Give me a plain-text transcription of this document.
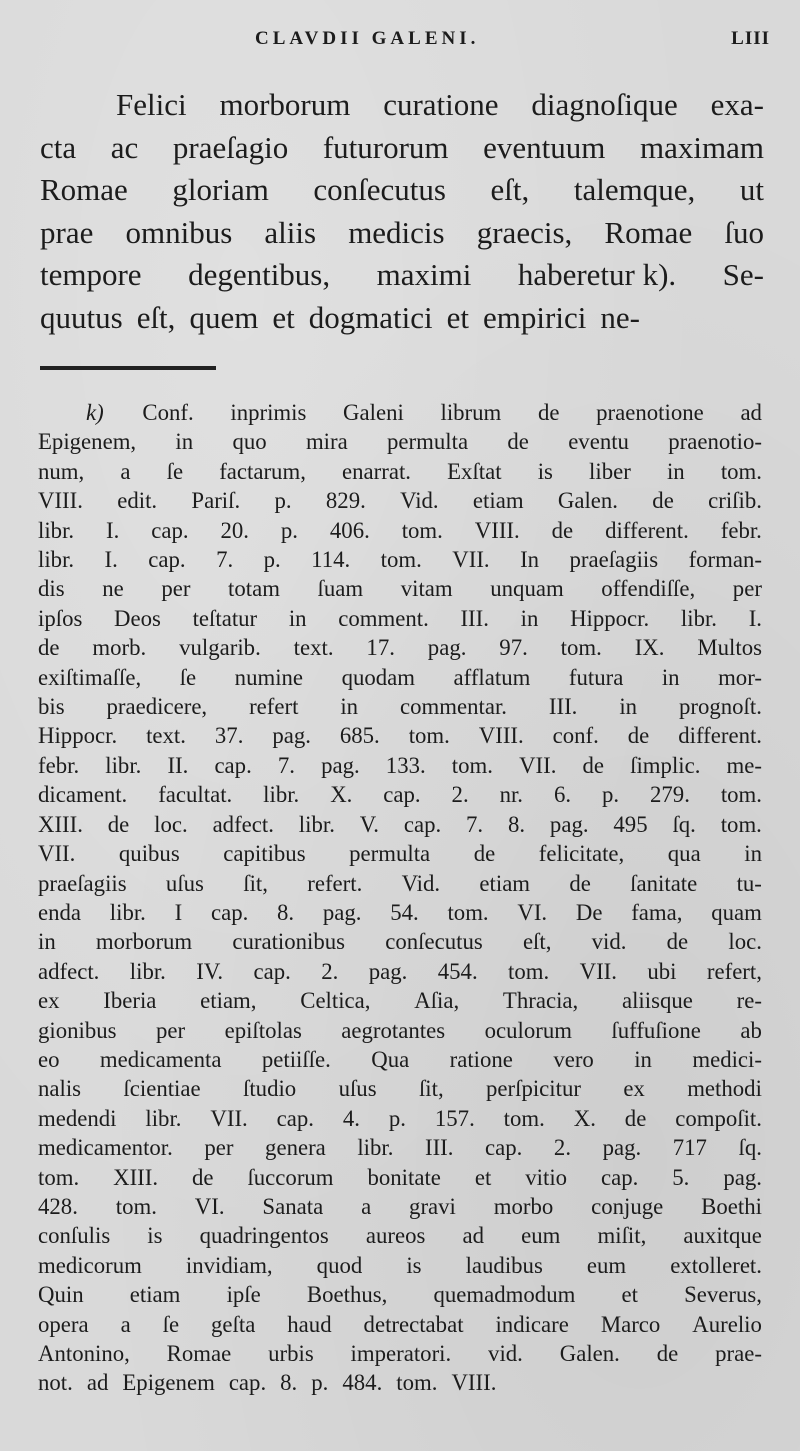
CLAVDII GALENI.	LIII
Felici morborum curatione diagnoſique exa-
cta ac praeſagio futurorum eventuum maximam
Romae gloriam conſecutus eſt, talemque, ut
prae omnibus aliis medicis graecis, Romae ſuo
tempore degentibus, maximi haberetur k). Se-
quutus eſt, quem et dogmatici et empirici ne-
k) Conf. inprimis Galeni librum de praenotione ad
Epigenem, in quo mira permulta de eventu praenotio-
num, a ſe factarum, enarrat. Exſtat is liber in tom.
VIII. edit. Pariſ. p. 829. Vid. etiam Galen. de criſib.
libr. I. cap. 20. p. 406. tom. VIII. de different. febr.
libr. I. cap. 7. p. 114. tom. VII. In praeſagiis forman-
dis ne per totam ſuam vitam unquam offendiſſe, per
ipſos Deos teſtatur in comment. III. in Hippocr. libr. I.
de morb. vulgarib. text. 17. pag. 97. tom. IX. Multos
exiſtimaſſe, ſe numine quodam afflatum futura in mor-
bis praedicere, refert in commentar. III. in prognoſt.
Hippocr. text. 37. pag. 685. tom. VIII. conf. de different.
febr. libr. II. cap. 7. pag. 133. tom. VII. de ſimplic. me-
dicament. facultat. libr. X. cap. 2. nr. 6. p. 279. tom.
XIII. de loc. adfect. libr. V. cap. 7. 8. pag. 495 ſq. tom.
VII. quibus capitibus permulta de felicitate, qua in
praeſagiis uſus ſit, refert. Vid. etiam de ſanitate tu-
enda libr. I cap. 8. pag. 54. tom. VI. De fama, quam
in morborum curationibus conſecutus eſt, vid. de loc.
adfect. libr. IV. cap. 2. pag. 454. tom. VII. ubi refert,
ex Iberia etiam, Celtica, Aſia, Thracia, aliisque re-
gionibus per epiſtolas aegrotantes oculorum ſuffuſione ab
eo medicamenta petiiſſe. Qua ratione vero in medici-
nalis ſcientiae ſtudio uſus ſit, perſpicitur ex methodi
medendi libr. VII. cap. 4. p. 157. tom. X. de compoſit.
medicamentor. per genera libr. III. cap. 2. pag. 717 ſq.
tom. XIII. de ſuccorum bonitate et vitio cap. 5. pag.
428. tom. VI. Sanata a gravi morbo conjuge Boethi
conſulis is quadringentos aureos ad eum miſit, auxitque
medicorum invidiam, quod is laudibus eum extolleret.
Quin etiam ipſe Boethus, quemadmodum et Severus,
opera a ſe geſta haud detrectabat indicare Marco Aurelio
Antonino, Romae urbis imperatori. vid. Galen. de prae-
not. ad Epigenem cap. 8. p. 484. tom. VIII.
